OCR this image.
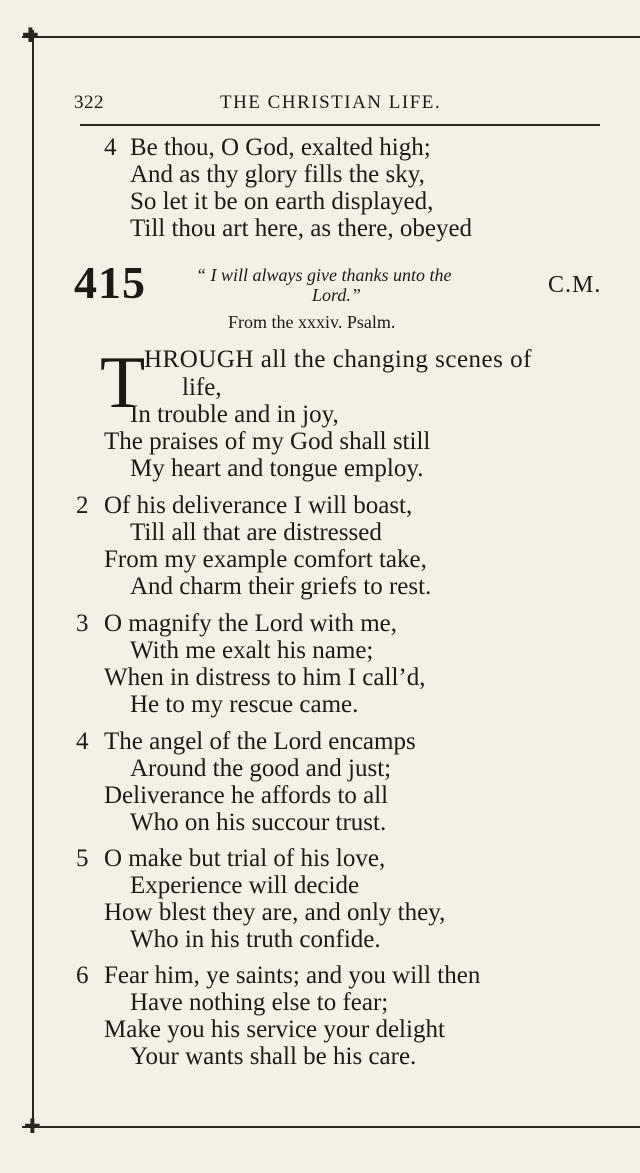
✚
✚
322	THE CHRISTIAN LIFE.
4 Be thou, O God, exalted high;
And as thy glory fills the sky,
So let it be on earth displayed,
Till thou art here, as there, obeyed
415	“ I will always give thanks unto the
Lord.”	C.M.
From the xxxiv. Psalm.
T
HROUGH all the changing scenes of
life,
In trouble and in joy,
The praises of my God shall still
My heart and tongue employ.
2 Of his deliverance I will boast,
Till all that are distressed
From my example comfort take,
And charm their griefs to rest.
3 O magnify the Lord with me,
With me exalt his name;
When in distress to him I call’d,
He to my rescue came.
4 The angel of the Lord encamps
Around the good and just;
Deliverance he affords to all
Who on his succour trust.
5 O make but trial of his love,
Experience will decide
How blest they are, and only they,
Who in his truth confide.
6 Fear him, ye saints; and you will then
Have nothing else to fear;
Make you his service your delight
Your wants shall be his care.
